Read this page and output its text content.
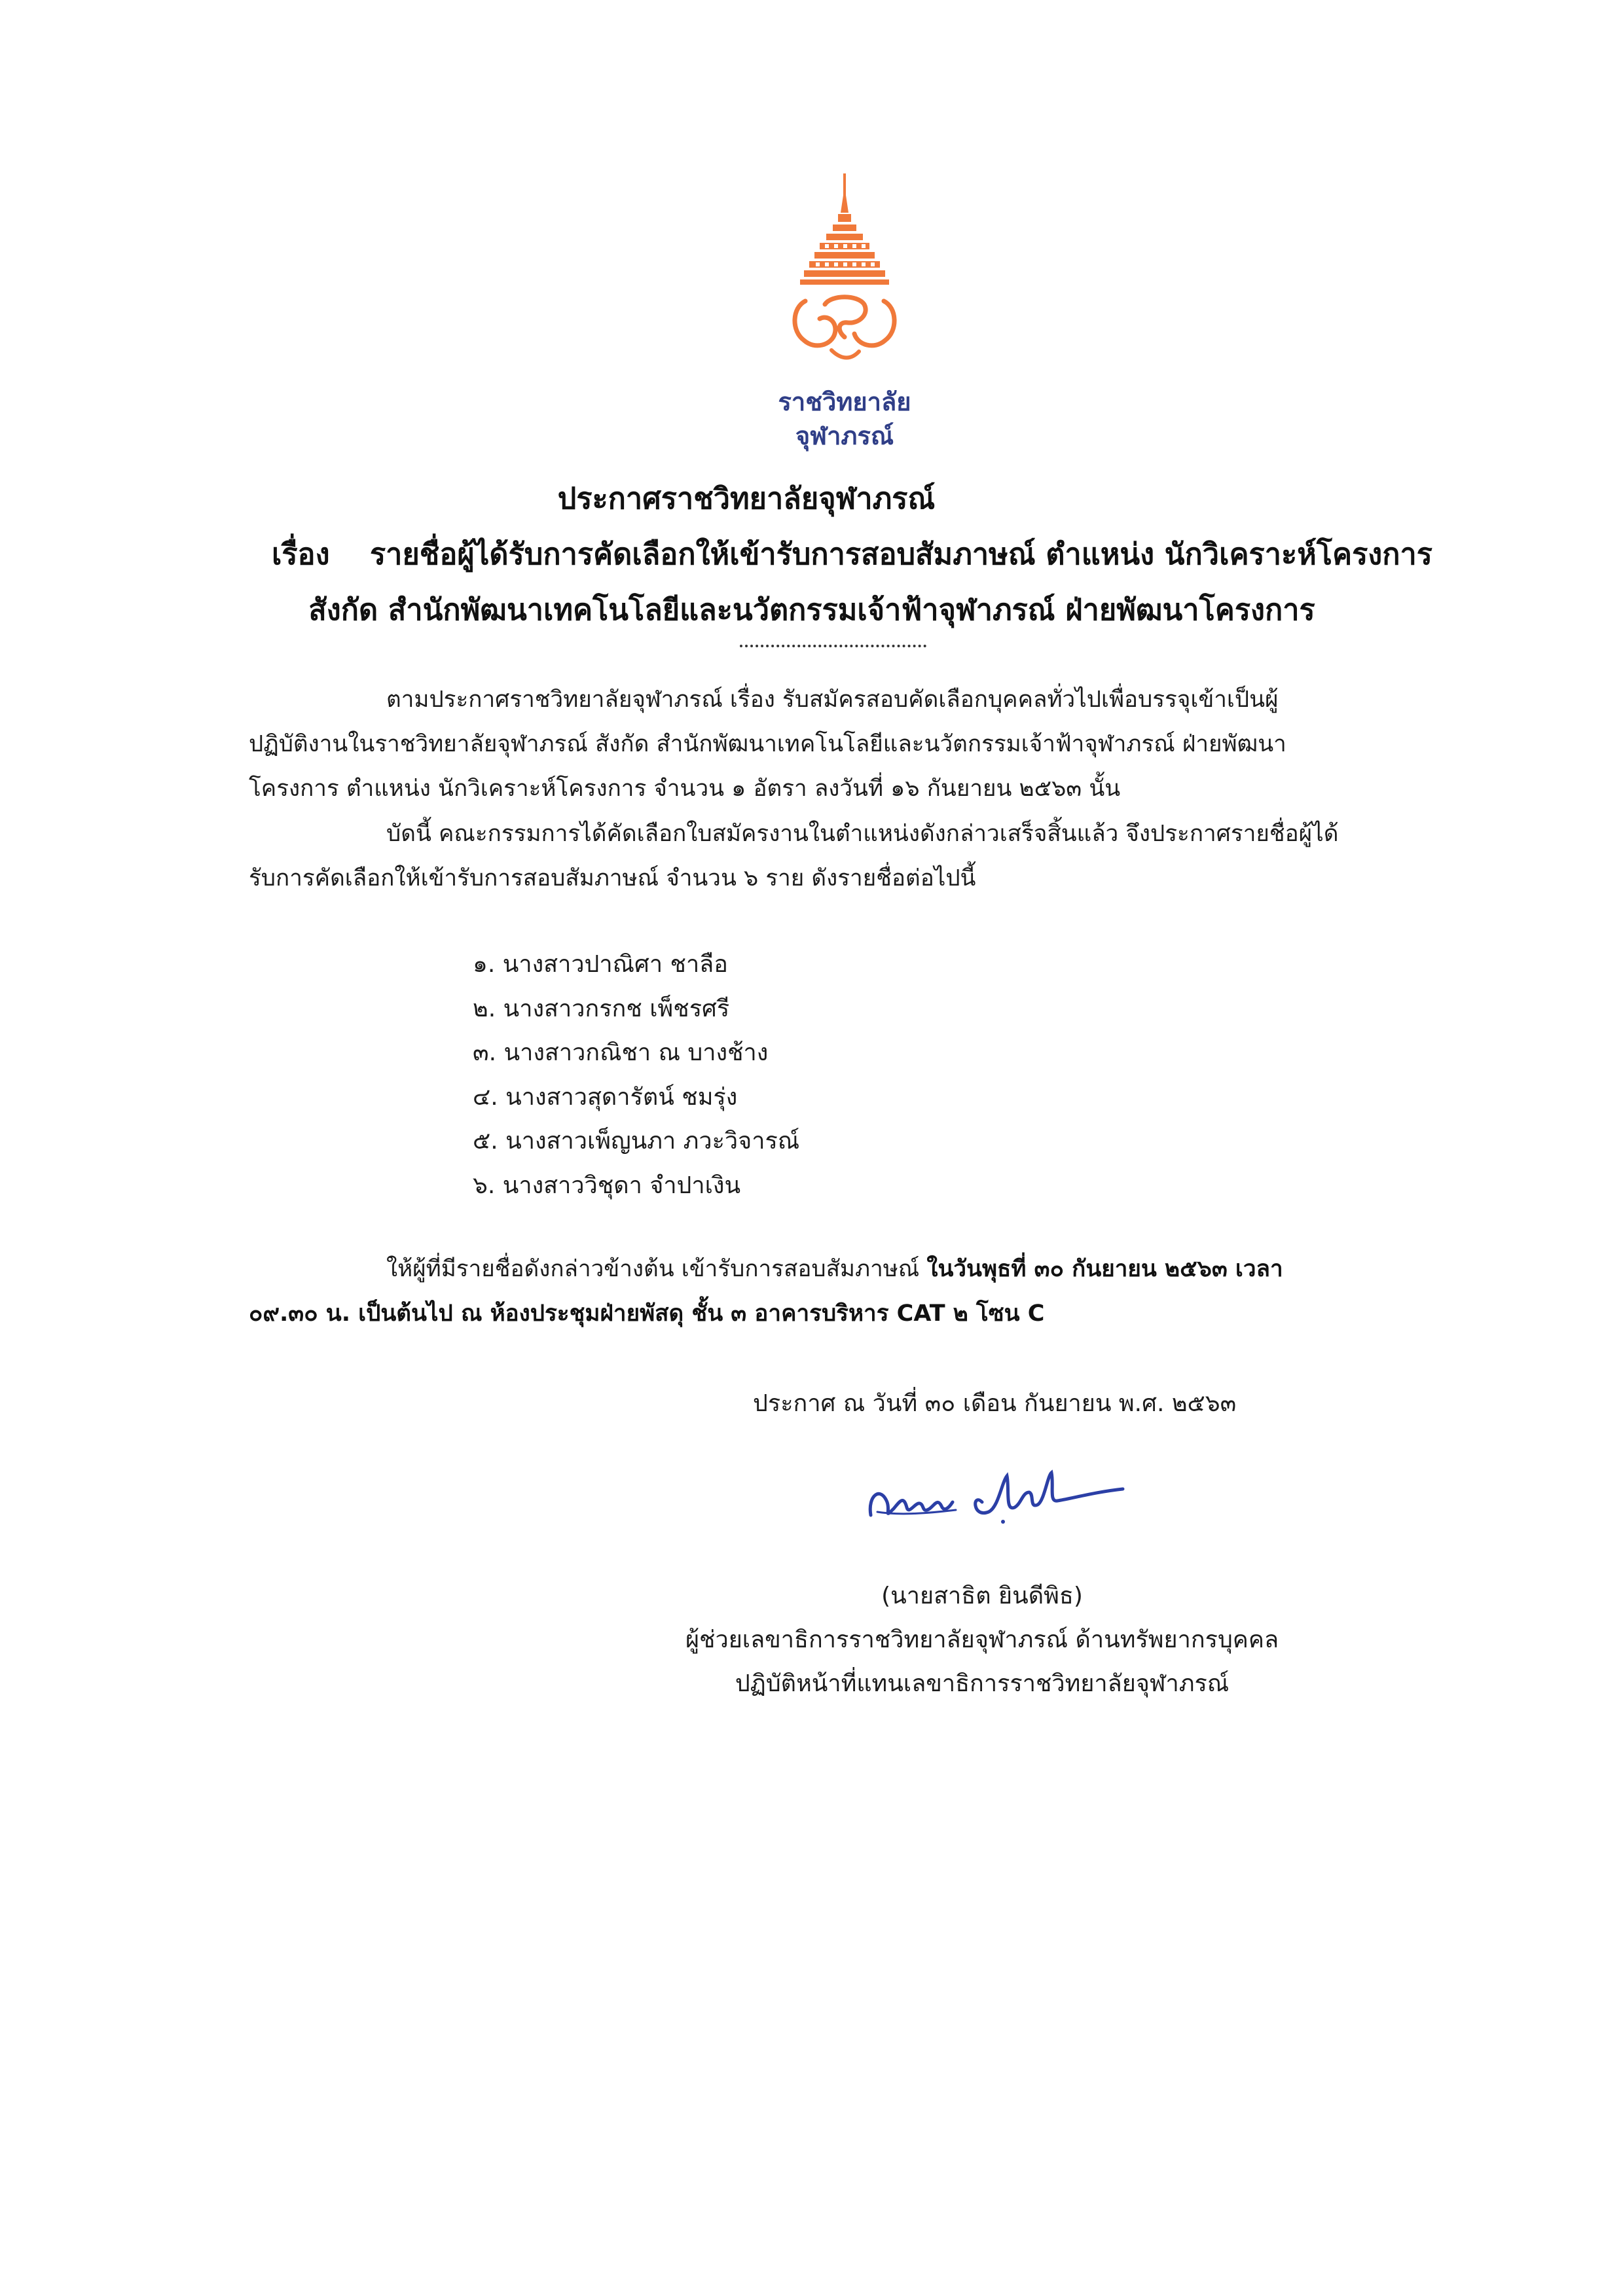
ราชวิทยาลัย
จุฬาภรณ์
ประกาศราชวิทยาลัยจุฬาภรณ์
เรื่อง รายชื่อผู้ได้รับการคัดเลือกให้เข้ารับการสอบสัมภาษณ์ ตำแหน่ง นักวิเคราะห์โครงการ
สังกัด สำนักพัฒนาเทคโนโลยีและนวัตกรรมเจ้าฟ้าจุฬาภรณ์ ฝ่ายพัฒนาโครงการ
ตามประกาศราชวิทยาลัยจุฬาภรณ์ เรื่อง รับสมัครสอบคัดเลือกบุคคลทั่วไปเพื่อบรรจุเข้าเป็นผู้
ปฏิบัติงานในราชวิทยาลัยจุฬาภรณ์ สังกัด สำนักพัฒนาเทคโนโลยีและนวัตกรรมเจ้าฟ้าจุฬาภรณ์ ฝ่ายพัฒนา
โครงการ ตำแหน่ง นักวิเคราะห์โครงการ จำนวน ๑ อัตรา ลงวันที่ ๑๖ กันยายน ๒๕๖๓ นั้น
บัดนี้ คณะกรรมการได้คัดเลือกใบสมัครงานในตำแหน่งดังกล่าวเสร็จสิ้นแล้ว จึงประกาศรายชื่อผู้ได้
รับการคัดเลือกให้เข้ารับการสอบสัมภาษณ์ จำนวน ๖ ราย ดังรายชื่อต่อไปนี้
๑. นางสาวปาณิศา ชาลือ
๒. นางสาวกรกช เพ็ชรศรี
๓. นางสาวกณิชา ณ บางช้าง
๔. นางสาวสุดารัตน์ ชมรุ่ง
๕. นางสาวเพ็ญนภา ภวะวิจารณ์
๖. นางสาววิชุดา จำปาเงิน
ให้ผู้ที่มีรายชื่อดังกล่าวข้างต้น เข้ารับการสอบสัมภาษณ์ ในวันพุธที่ ๓๐ กันยายน ๒๕๖๓ เวลา
๐๙.๓๐ น. เป็นต้นไป ณ ห้องประชุมฝ่ายพัสดุ ชั้น ๓ อาคารบริหาร CAT ๒ โซน C
ประกาศ ณ วันที่ ๓๐ เดือน กันยายน พ.ศ. ๒๕๖๓
(นายสาธิต ยินดีพิธ)
ผู้ช่วยเลขาธิการราชวิทยาลัยจุฬาภรณ์ ด้านทรัพยากรบุคคล
ปฏิบัติหน้าที่แทนเลขาธิการราชวิทยาลัยจุฬาภรณ์
